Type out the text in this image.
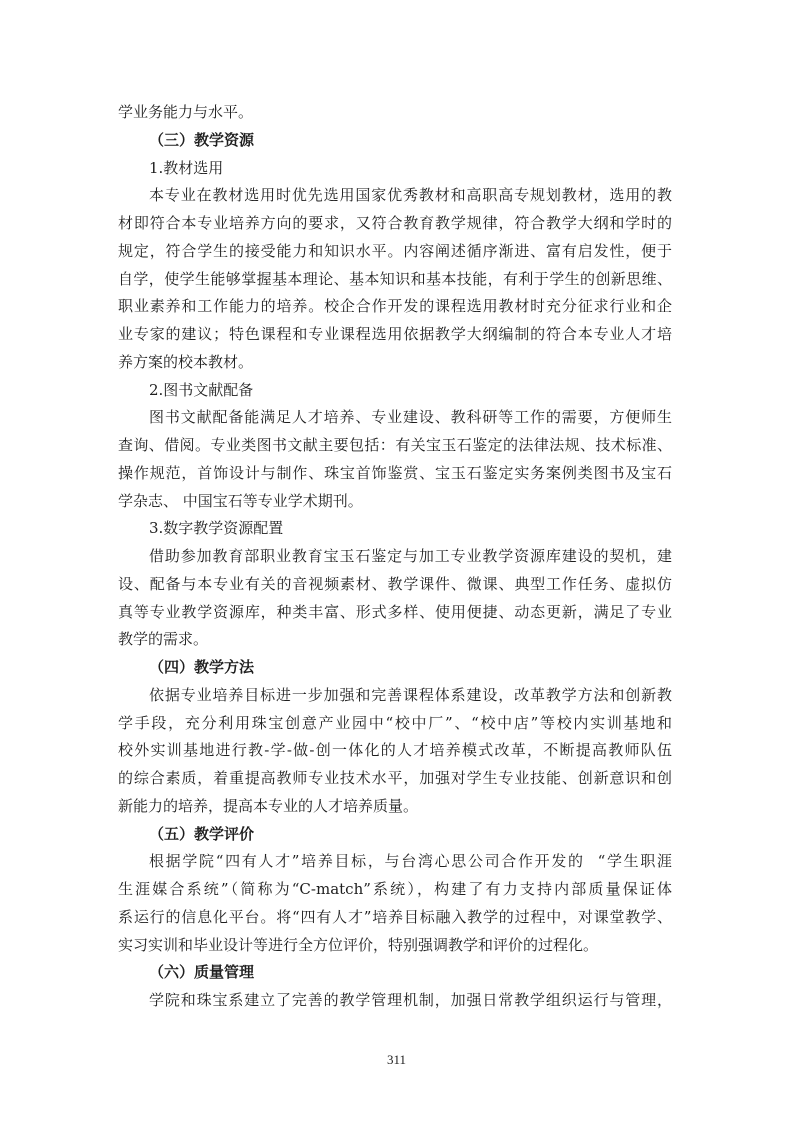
学业务能力与水平。
（三）教学资源
1.教材选用
本专业在教材选用时优先选用国家优秀教材和高职高专规划教材，选用的教
材即符合本专业培养方向的要求，又符合教育教学规律，符合教学大纲和学时的
规定，符合学生的接受能力和知识水平。内容阐述循序渐进、富有启发性，便于
自学，使学生能够掌握基本理论、基本知识和基本技能，有利于学生的创新思维、
职业素养和工作能力的培养。校企合作开发的课程选用教材时充分征求行业和企
业专家的建议；特色课程和专业课程选用依据教学大纲编制的符合本专业人才培
养方案的校本教材。
2.图书文献配备
图书文献配备能满足人才培养、专业建设、教科研等工作的需要，方便师生
查询、借阅。专业类图书文献主要包括：有关宝玉石鉴定的法律法规、技术标准、
操作规范，首饰设计与制作、珠宝首饰鉴赏、宝玉石鉴定实务案例类图书及宝石
学杂志、 中国宝石等专业学术期刊。
3.数字教学资源配置
借助参加教育部职业教育宝玉石鉴定与加工专业教学资源库建设的契机，建
设、配备与本专业有关的音视频素材、教学课件、微课、典型工作任务、虚拟仿
真等专业教学资源库，种类丰富、形式多样、使用便捷、动态更新，满足了专业
教学的需求。
（四）教学方法
依据专业培养目标进一步加强和完善课程体系建设，改革教学方法和创新教
学手段，充分利用珠宝创意产业园中“校中厂”、“校中店”等校内实训基地和
校外实训基地进行教-学-做-创一体化的人才培养模式改革，不断提高教师队伍
的综合素质，着重提高教师专业技术水平，加强对学生专业技能、创新意识和创
新能力的培养，提高本专业的人才培养质量。
（五）教学评价
根据学院“四有人才”培养目标，与台湾心思公司合作开发的  “学生职涯
生涯媒合系统”（简称为“C-match”系统），构建了有力支持内部质量保证体
系运行的信息化平台。将“四有人才”培养目标融入教学的过程中，对课堂教学、
实习实训和毕业设计等进行全方位评价，特别强调教学和评价的过程化。
（六）质量管理
学院和珠宝系建立了完善的教学管理机制，加强日常教学组织运行与管理，
311
